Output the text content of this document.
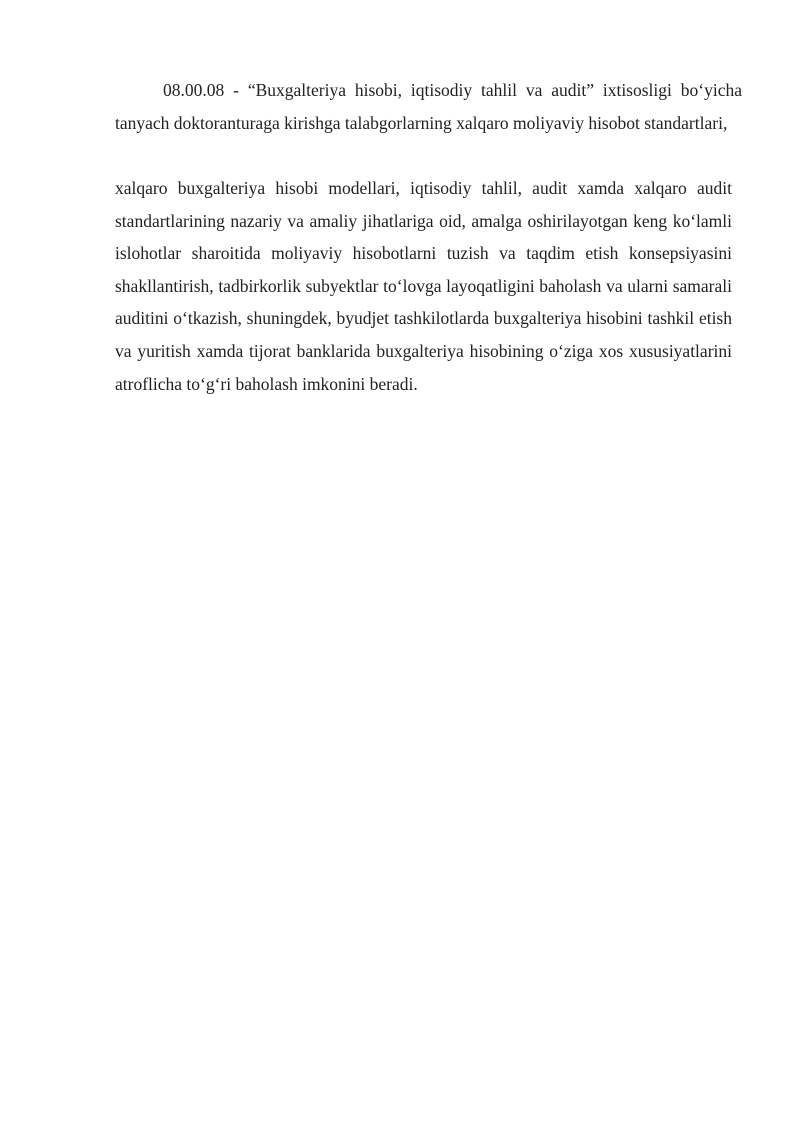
08.00.08 - “Buxgalteriya hisobi, iqtisodiy tahlil va audit” ixtisosligi bo‘yicha tanyach doktoranturaga kirishga talabgorlarning xalqaro moliyaviy hisobot standartlari,

xalqaro buxgalteriya hisobi modellari, iqtisodiy tahlil, audit xamda xalqaro audit standartlarining nazariy va amaliy jihatlariga oid, amalga oshirilayotgan keng ko‘lamli islohotlar sharoitida moliyaviy hisobotlarni tuzish va taqdim etish konsepsiyasini shakllantirish, tadbirkorlik subyektlar to‘lovga layoqatligini baholash va ularni samarali auditini o‘tkazish, shuningdek, byudjet tashkilotlarda buxgalteriya hisobini tashkil etish va yuritish xamda tijorat banklarida buxgalteriya hisobining o‘ziga xos xususiyatlarini atroflicha to‘g‘ri baholash imkonini beradi.
